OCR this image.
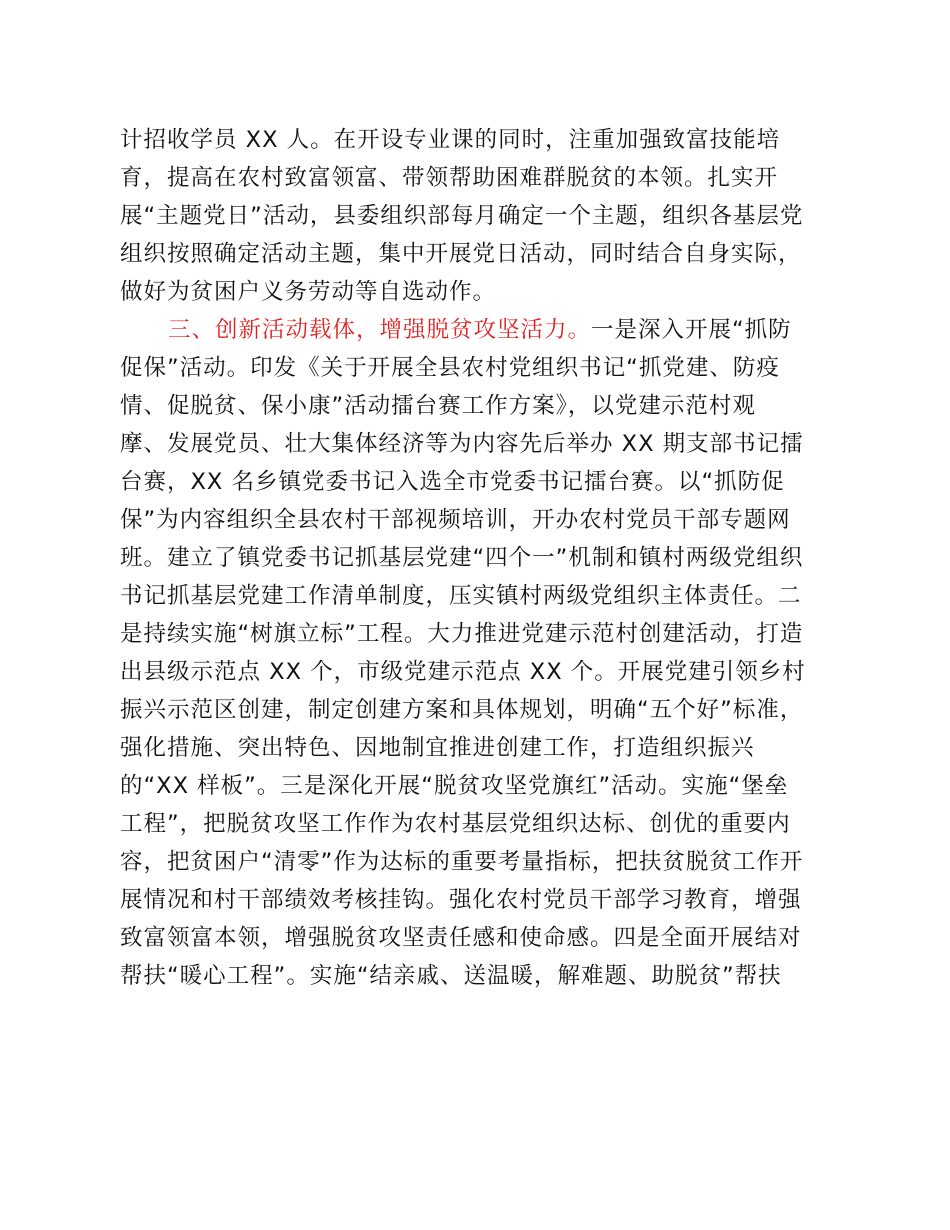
计招收学员 XX 人。在开设专业课的同时，注重加强致富技能培
育，提高在农村致富领富、带领帮助困难群脱贫的本领。扎实开
展“主题党日”活动，县委组织部每月确定一个主题，组织各基层党
组织按照确定活动主题，集中开展党日活动，同时结合自身实际，
做好为贫困户义务劳动等自选动作。
三、创新活动载体，增强脱贫攻坚活力。一是深入开展“抓防
促保”活动。印发《关于开展全县农村党组织书记“抓党建、防疫
情、促脱贫、保小康”活动擂台赛工作方案》，以党建示范村观
摩、发展党员、壮大集体经济等为内容先后举办 XX 期支部书记擂
台赛，XX 名乡镇党委书记入选全市党委书记擂台赛。以“抓防促
保”为内容组织全县农村干部视频培训，开办农村党员干部专题网
班。建立了镇党委书记抓基层党建“四个一”机制和镇村两级党组织
书记抓基层党建工作清单制度，压实镇村两级党组织主体责任。二
是持续实施“树旗立标”工程。大力推进党建示范村创建活动，打造
出县级示范点 XX 个，市级党建示范点 XX 个。开展党建引领乡村
振兴示范区创建，制定创建方案和具体规划，明确“五个好”标准，
强化措施、突出特色、因地制宜推进创建工作，打造组织振兴
的“XX 样板”。三是深化开展“脱贫攻坚党旗红”活动。实施“堡垒
工程”，把脱贫攻坚工作作为农村基层党组织达标、创优的重要内
容，把贫困户“清零”作为达标的重要考量指标，把扶贫脱贫工作开
展情况和村干部绩效考核挂钩。强化农村党员干部学习教育，增强
致富领富本领，增强脱贫攻坚责任感和使命感。四是全面开展结对
帮扶“暖心工程”。实施“结亲戚、送温暖，解难题、助脱贫”帮扶
